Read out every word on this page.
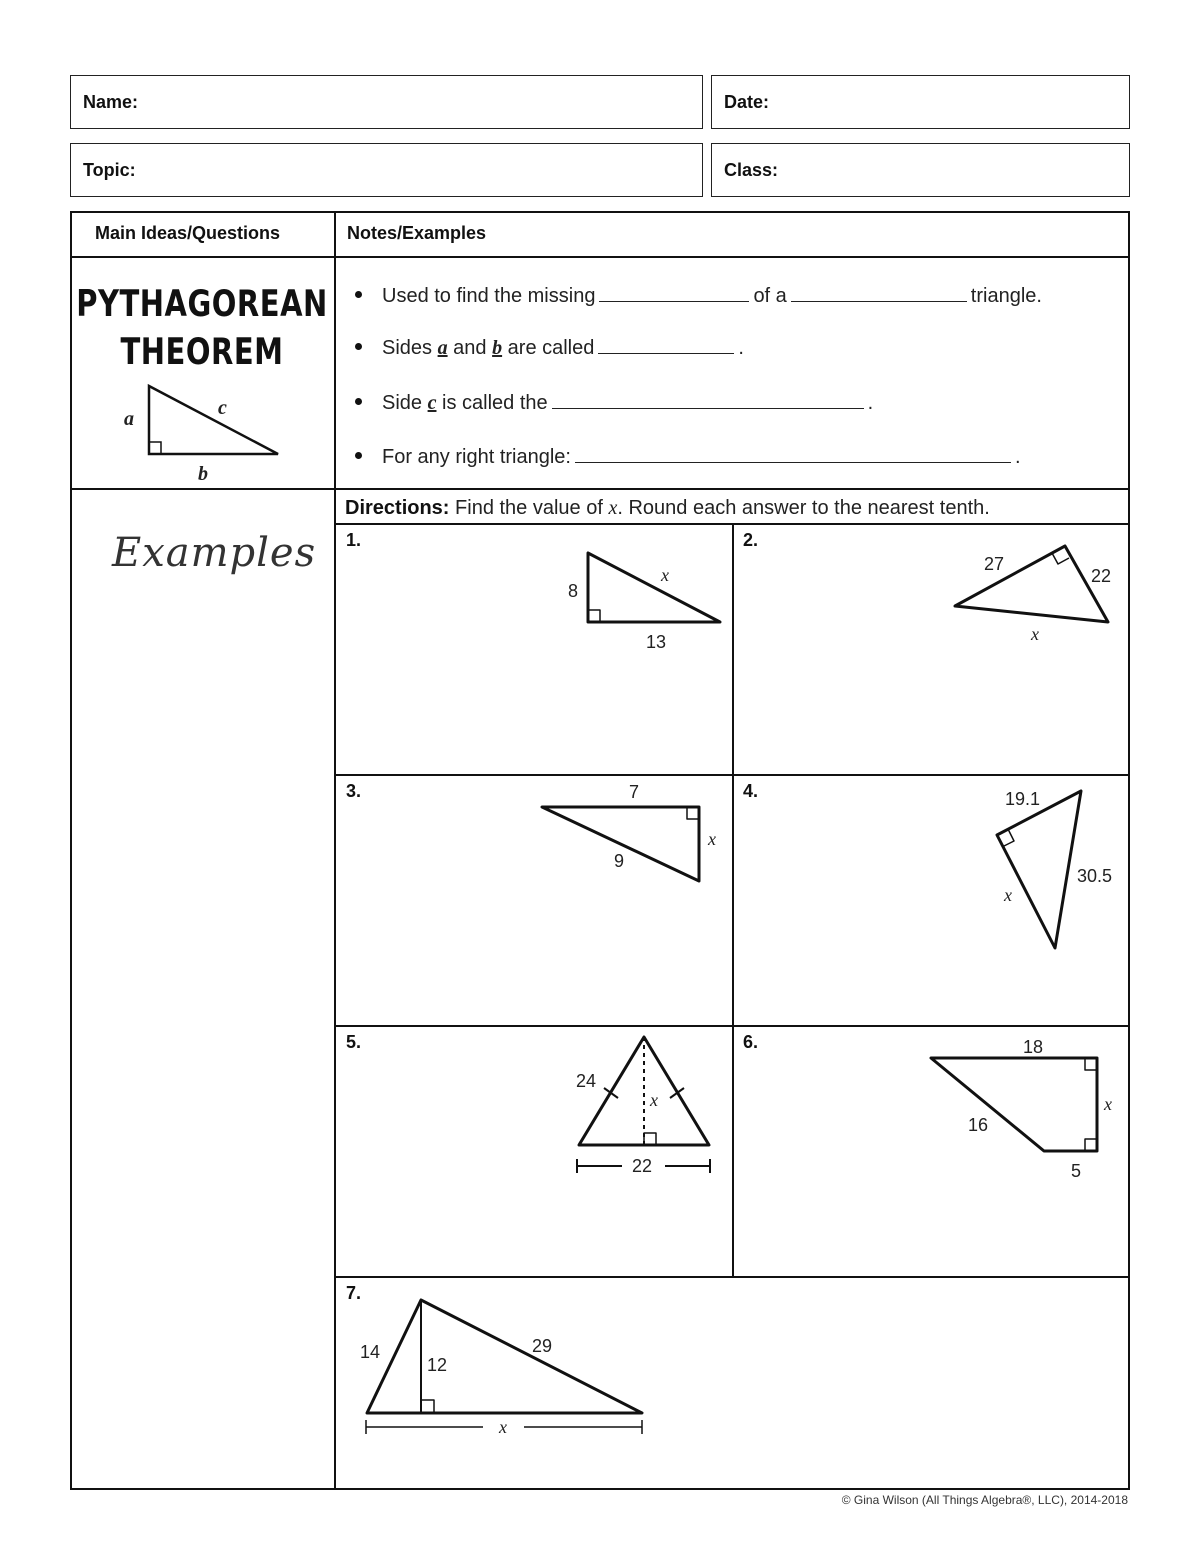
Name:	Date:
Topic:	Class:
Main Ideas/Questions	Notes/Examples
PYTHAGOREAN
THEOREM
a	c
b
Used to find the missing	of a	triangle.
Sides
a
and
b
are called	.
Side
c
is called the	.
For any right triangle:	.
Examples
Directions: Find the value of x. Round each answer to the nearest tenth.
1.	2.
3.	4.
5.	6.
7.
8
x
13
27
22
x
7
x
9
19.1
30.5
x
24
x
22
18
x
16
5
14
12
29
x
© Gina Wilson (All Things Algebra®, LLC), 2014-2018
